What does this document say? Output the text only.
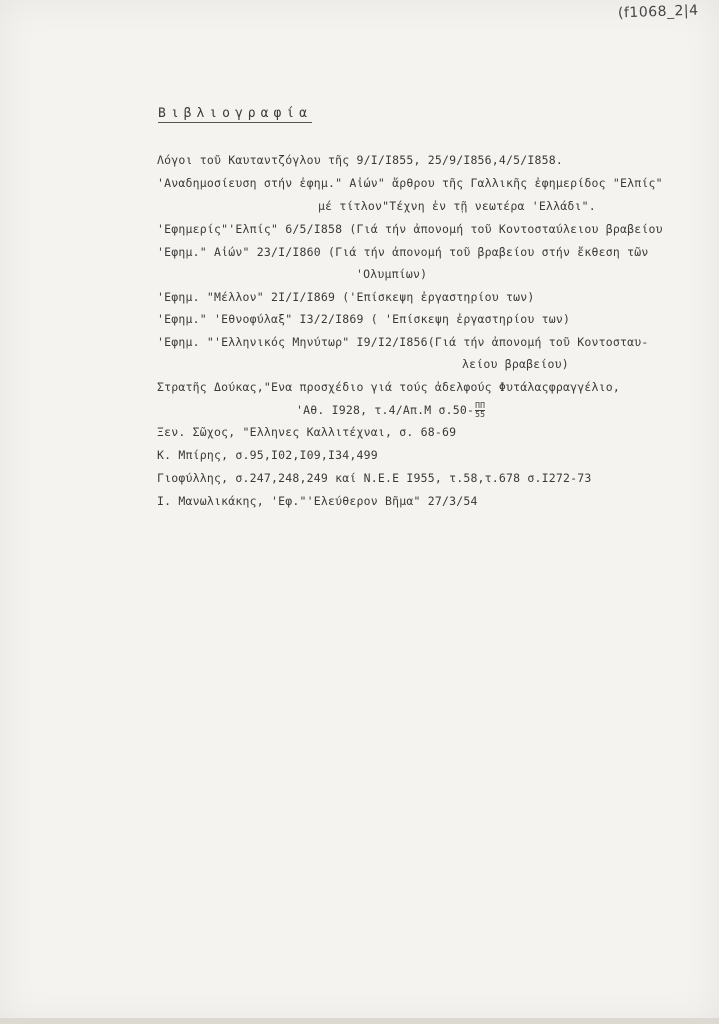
(f1068_2|4
Βιβλιογραφία
Λόγοι τοῦ Καυταντζόγλου τῆς 9/Ι/Ι855, 25/9/Ι856,4/5/Ι858.
'Αναδημοσίευση στήν ἐφημ." Αἰών" ἄρθρου τῆς Γαλλικῆς ἐφημερίδος "Ελπίς"
μέ τίτλον"Τέχνη ἐν τῇ νεωτέρα 'Ελλάδι".
'Εφημερίς"'Ελπίς" 6/5/Ι858 (Γιά τήν ἀπονομή τοῦ Κοντοσταύλειου βραβείου
'Εφημ." Αἰών" 23/Ι/Ι860 (Γιά τήν ἀπονομή τοῦ βραβείου στήν ἔκθεση τῶν
'Ολυμπίων)
'Εφημ. "Μέλλον" 2Ι/Ι/Ι869 ('Επίσκεψη ἐργαστηρίου των)
'Εφημ." 'Εθνοφύλαξ" Ι3/2/Ι869 ( 'Επίσκεψη ἐργαστηρίου των)
'Εφημ. "'Ελληνικός Μηνύτωρ" Ι9/Ι2/Ι856(Γιά τήν ἀπονομή τοῦ Κοντοσταυ-
λείου βραβείου)
Στρατῆς Δούκας,"Ενα προσχέδιο γιά τούς ἀδελφούς Φυτάλαςφραγγέλιο,
'Αθ. Ι928, τ.4/Απ.Μ $\sigma.50- \frac{\Pi\Pi}{55}$
Ξεν. Σῶχος, "Ελληνες Καλλιτέχναι, σ. 68-69
Κ. Μπίρης, σ.95,Ι02,Ι09,Ι34,499
Γιοφύλλης, σ.247,248,249 καί Ν.Ε.Ε Ι955, τ.58,τ.678 σ.Ι272-73
Ι. Μανωλικάκης, 'Εφ."'Ελεύθερον Βῆμα" 27/3/54
